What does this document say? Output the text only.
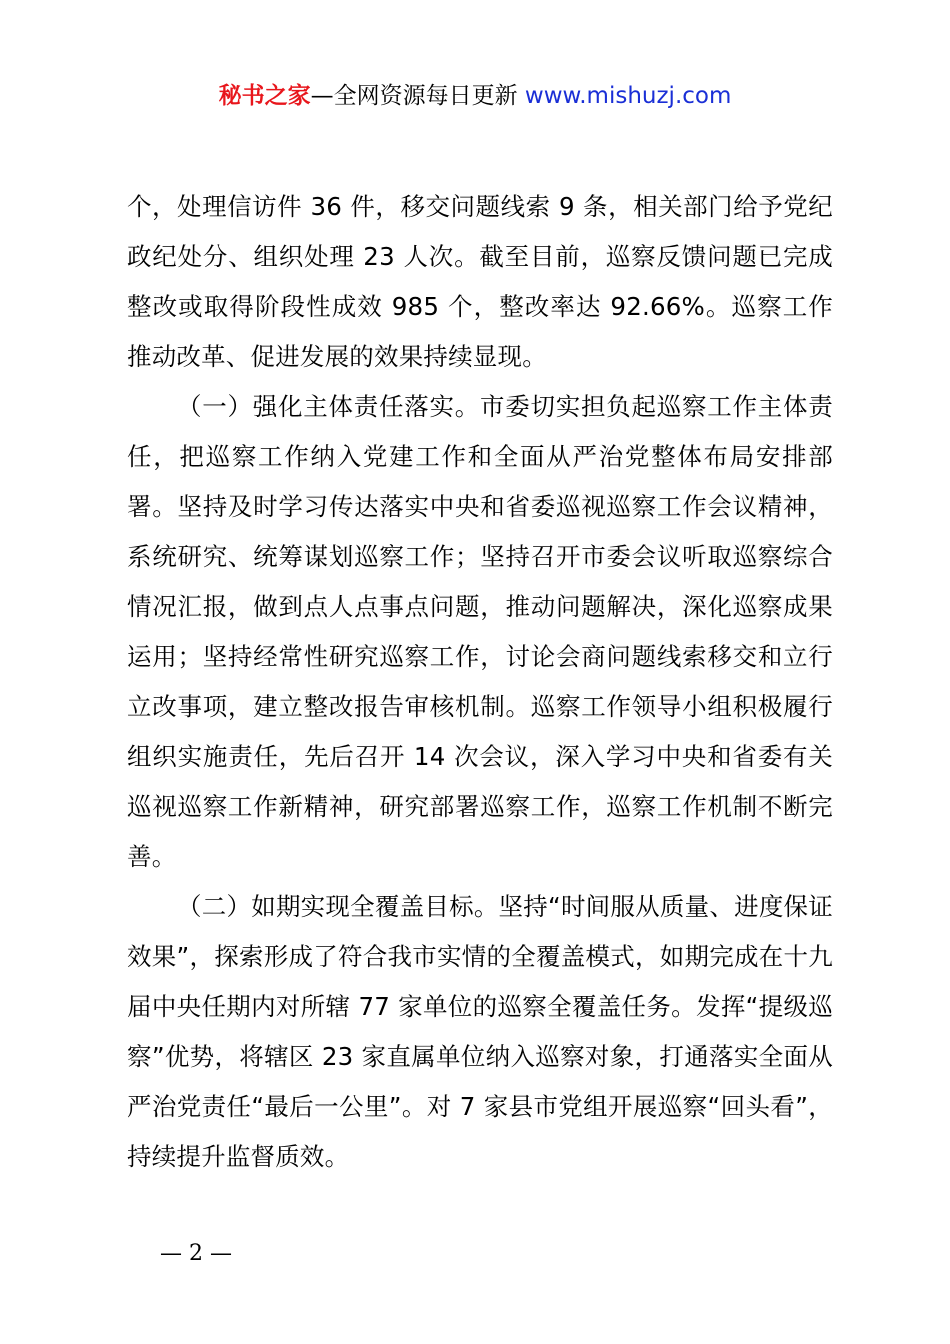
秘书之家—全网资源每日更新 www.mishuzj.com

个，处理信访件 36 件，移交问题线索 9 条，相关部门给予党纪政纪处分、组织处理 23 人次。截至目前，巡察反馈问题已完成整改或取得阶段性成效 985 个，整改率达 92.66%。巡察工作推动改革、促进发展的效果持续显现。

（一）强化主体责任落实。市委切实担负起巡察工作主体责任，把巡察工作纳入党建工作和全面从严治党整体布局安排部署。坚持及时学习传达落实中央和省委巡视巡察工作会议精神，系统研究、统筹谋划巡察工作；坚持召开市委会议听取巡察综合情况汇报，做到点人点事点问题，推动问题解决，深化巡察成果运用；坚持经常性研究巡察工作，讨论会商问题线索移交和立行立改事项，建立整改报告审核机制。巡察工作领导小组积极履行组织实施责任，先后召开 14 次会议，深入学习中央和省委有关巡视巡察工作新精神，研究部署巡察工作，巡察工作机制不断完善。

（二）如期实现全覆盖目标。坚持“时间服从质量、进度保证效果”，探索形成了符合我市实情的全覆盖模式，如期完成在十九届中央任期内对所辖 77 家单位的巡察全覆盖任务。发挥“提级巡察”优势，将辖区 23 家直属单位纳入巡察对象，打通落实全面从严治党责任“最后一公里”。对 7 家县市党组开展巡察“回头看”，持续提升监督质效。

— 2 —
